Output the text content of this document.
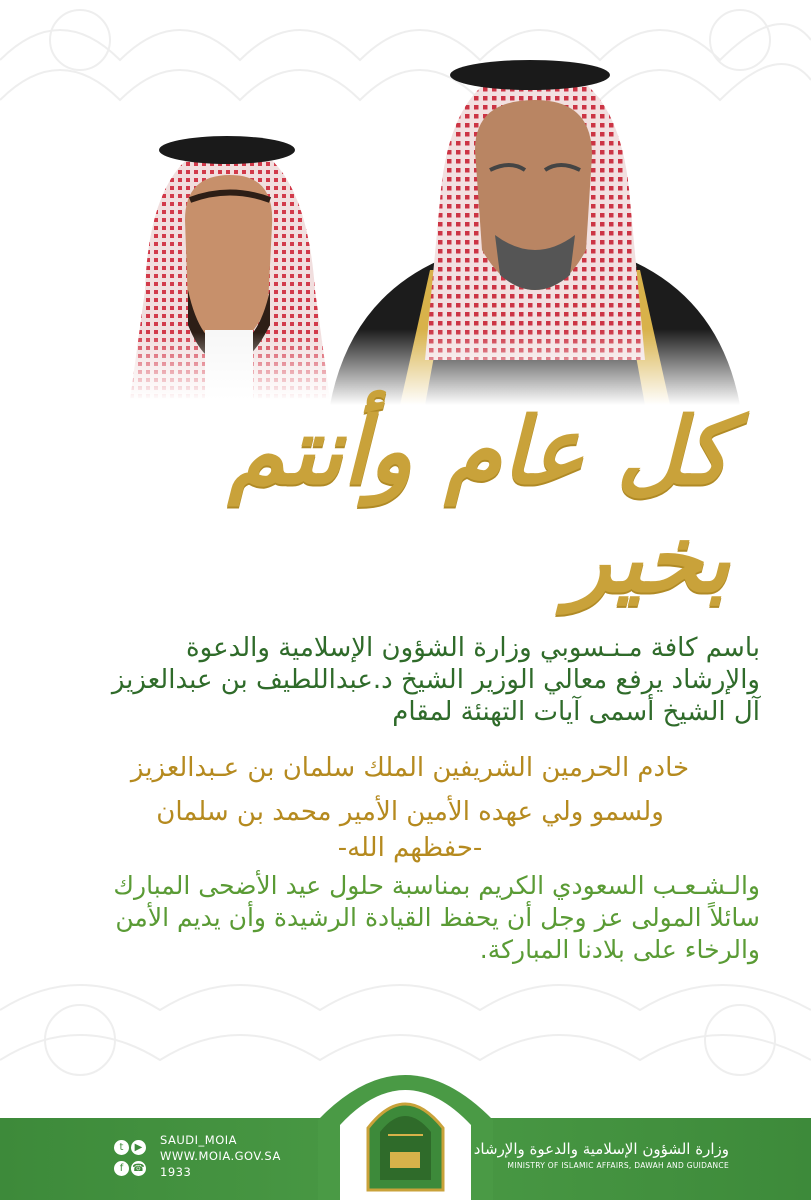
كل عام وأنتم بخير
باسم كافة مـنـسوبي وزارة الشؤون الإسلامية والدعوة
والإرشاد يرفع معالي الوزير الشيخ د.عبداللطيف بن عبدالعزيز
آل الشيخ أسمى آيات التهنئة لمقام
خادم الحرمين الشريفين الملك سلمان بن عـبدالعزيز
ولسمو ولي عهده الأمين الأمير محمد بن سلمان
-حفظهم الله-
والـشـعـب السعودي الكريم بمناسبة حلول عيد الأضحى المبارك
سائلاً المولى عز وجل أن يحفظ القيادة الرشيدة وأن يديم الأمن
والرخاء على بلادنا المباركة.
t ▶ f ☎
SAUDI_MOIA
WWW.MOIA.GOV.SA
1933
وزارة الشؤون الإسلامية والدعوة والإرشاد
MINISTRY OF ISLAMIC AFFAIRS, DAWAH AND GUIDANCE
